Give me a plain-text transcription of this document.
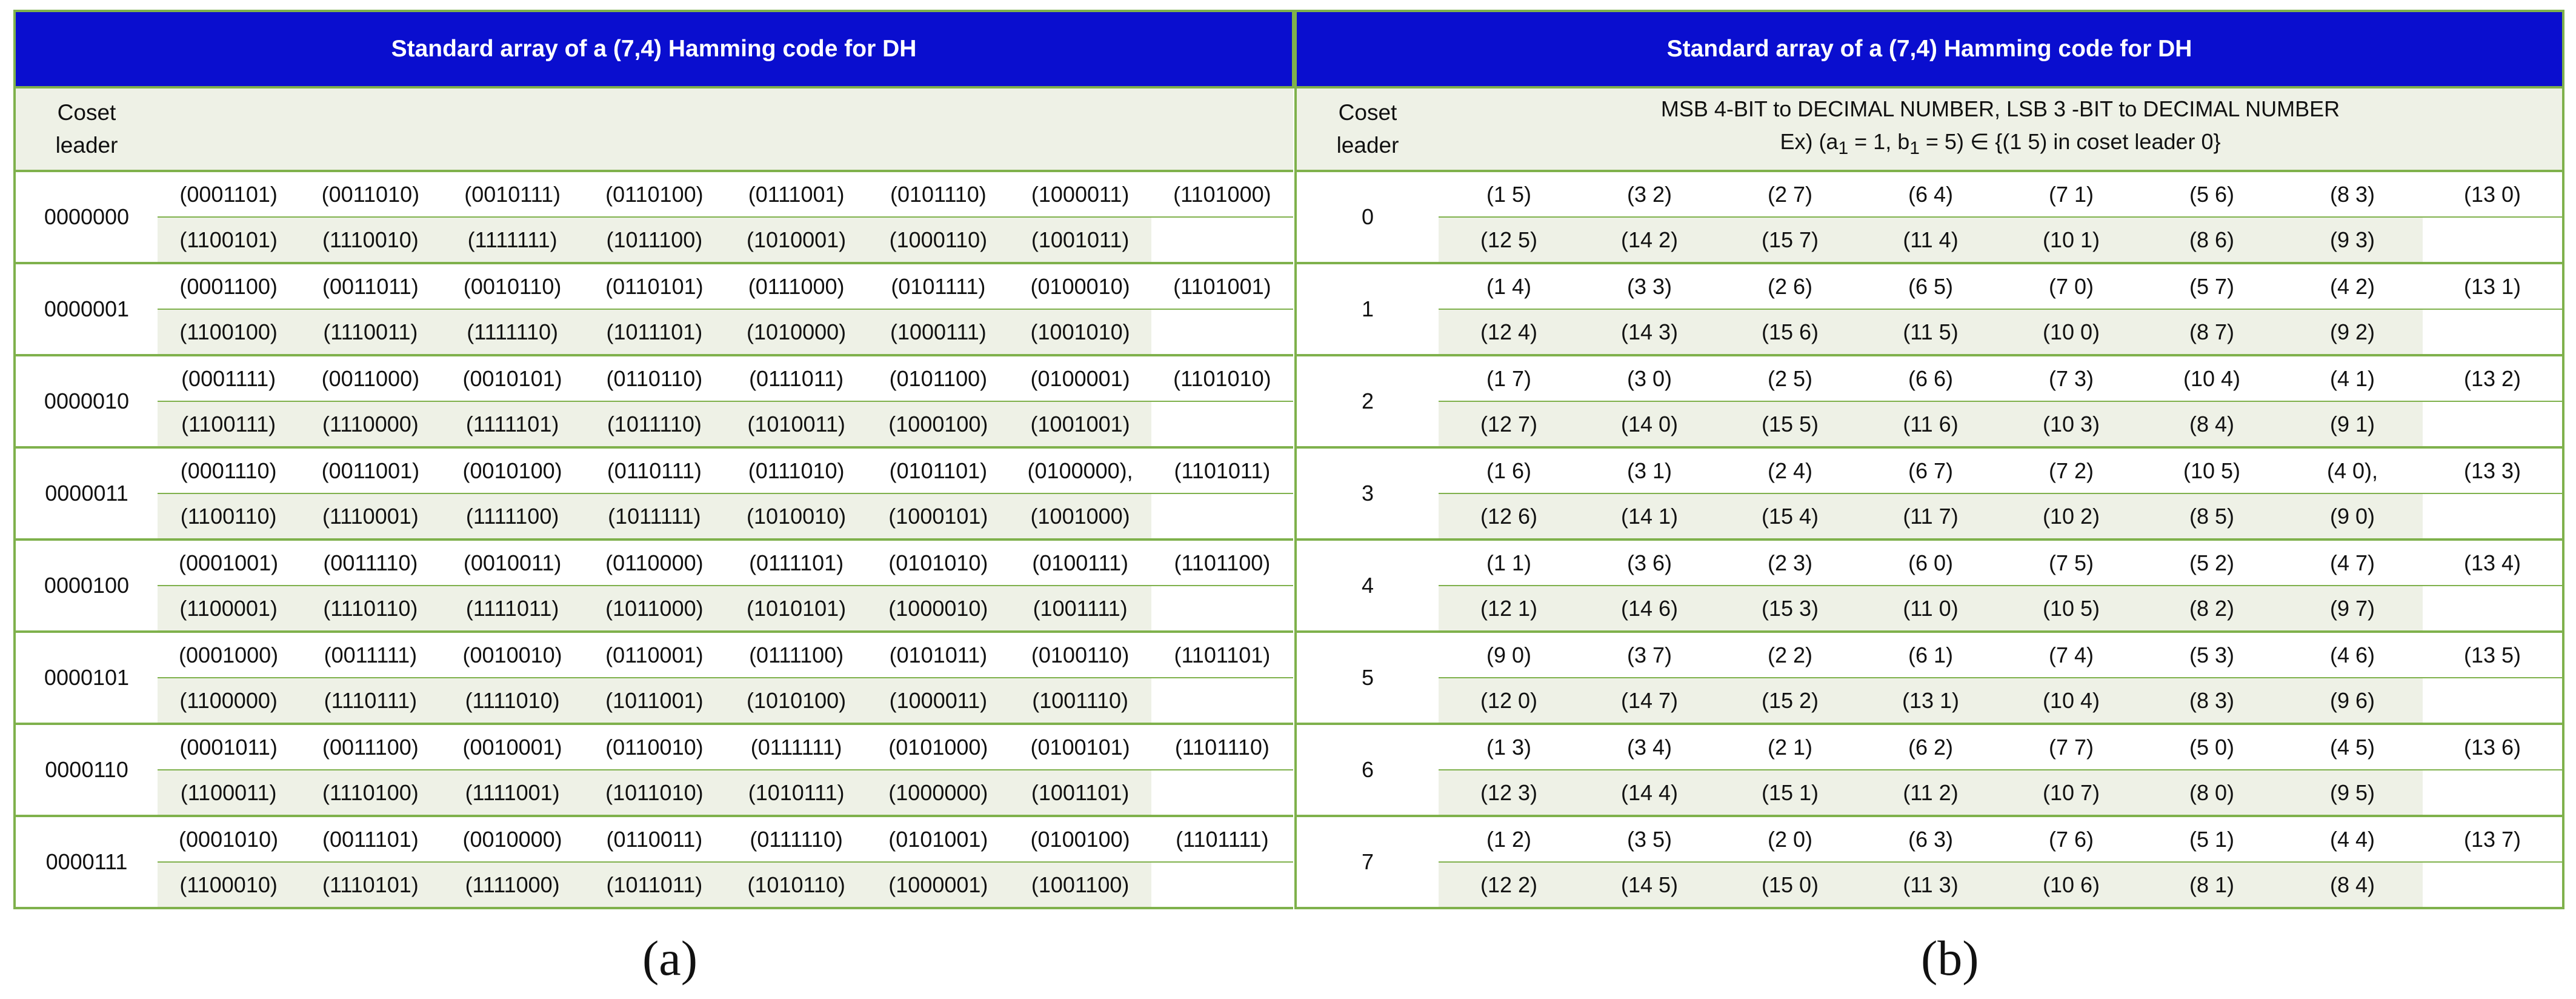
Standard array of a (7,4) Hamming code for DH								
Coset
leader								
0000000	(0001101)	(0011010)	(0010111)	(0110100)	(0111001)	(0101110)	(1000011)	(1101000)
	(1100101)	(1110010)	(1111111)	(1011100)	(1010001)	(1000110)	(1001011)	
0000001	(0001100)	(0011011)	(0010110)	(0110101)	(0111000)	(0101111)	(0100010)	(1101001)
	(1100100)	(1110011)	(1111110)	(1011101)	(1010000)	(1000111)	(1001010)	
0000010	(0001111)	(0011000)	(0010101)	(0110110)	(0111011)	(0101100)	(0100001)	(1101010)
	(1100111)	(1110000)	(1111101)	(1011110)	(1010011)	(1000100)	(1001001)	
0000011	(0001110)	(0011001)	(0010100)	(0110111)	(0111010)	(0101101)	(0100000),	(1101011)
	(1100110)	(1110001)	(1111100)	(1011111)	(1010010)	(1000101)	(1001000)	
0000100	(0001001)	(0011110)	(0010011)	(0110000)	(0111101)	(0101010)	(0100111)	(1101100)
	(1100001)	(1110110)	(1111011)	(1011000)	(1010101)	(1000010)	(1001111)	
0000101	(0001000)	(0011111)	(0010010)	(0110001)	(0111100)	(0101011)	(0100110)	(1101101)
	(1100000)	(1110111)	(1111010)	(1011001)	(1010100)	(1000011)	(1001110)	
0000110	(0001011)	(0011100)	(0010001)	(0110010)	(0111111)	(0101000)	(0100101)	(1101110)
	(1100011)	(1110100)	(1111001)	(1011010)	(1010111)	(1000000)	(1001101)	
0000111	(0001010)	(0011101)	(0010000)	(0110011)	(0111110)	(0101001)	(0100100)	(1101111)
	(1100010)	(1110101)	(1111000)	(1011011)	(1010110)	(1000001)	(1001100)	
Standard array of a (7,4) Hamming code for DH								
Coset
leader	MSB 4-BIT to DECIMAL NUMBER, LSB 3 -BIT to DECIMAL NUMBER
Ex) ($a_1 = 1$, $b_1 = 5$) ∈ {(1 5) in coset leader 0}							
0	(1 5)	(3 2)	(2 7)	(6 4)	(7 1)	(5 6)	(8 3)	(13 0)
	(12 5)	(14 2)	(15 7)	(11 4)	(10 1)	(8 6)	(9 3)	
1	(1 4)	(3 3)	(2 6)	(6 5)	(7 0)	(5 7)	(4 2)	(13 1)
	(12 4)	(14 3)	(15 6)	(11 5)	(10 0)	(8 7)	(9 2)	
2	(1 7)	(3 0)	(2 5)	(6 6)	(7 3)	(10 4)	(4 1)	(13 2)
	(12 7)	(14 0)	(15 5)	(11 6)	(10 3)	(8 4)	(9 1)	
3	(1 6)	(3 1)	(2 4)	(6 7)	(7 2)	(10 5)	(4 0),	(13 3)
	(12 6)	(14 1)	(15 4)	(11 7)	(10 2)	(8 5)	(9 0)	
4	(1 1)	(3 6)	(2 3)	(6 0)	(7 5)	(5 2)	(4 7)	(13 4)
	(12 1)	(14 6)	(15 3)	(11 0)	(10 5)	(8 2)	(9 7)	
5	(9 0)	(3 7)	(2 2)	(6 1)	(7 4)	(5 3)	(4 6)	(13 5)
	(12 0)	(14 7)	(15 2)	(13 1)	(10 4)	(8 3)	(9 6)	
6	(1 3)	(3 4)	(2 1)	(6 2)	(7 7)	(5 0)	(4 5)	(13 6)
	(12 3)	(14 4)	(15 1)	(11 2)	(10 7)	(8 0)	(9 5)	
7	(1 2)	(3 5)	(2 0)	(6 3)	(7 6)	(5 1)	(4 4)	(13 7)
	(12 2)	(14 5)	(15 0)	(11 3)	(10 6)	(8 1)	(8 4)	
(a)	(b)
